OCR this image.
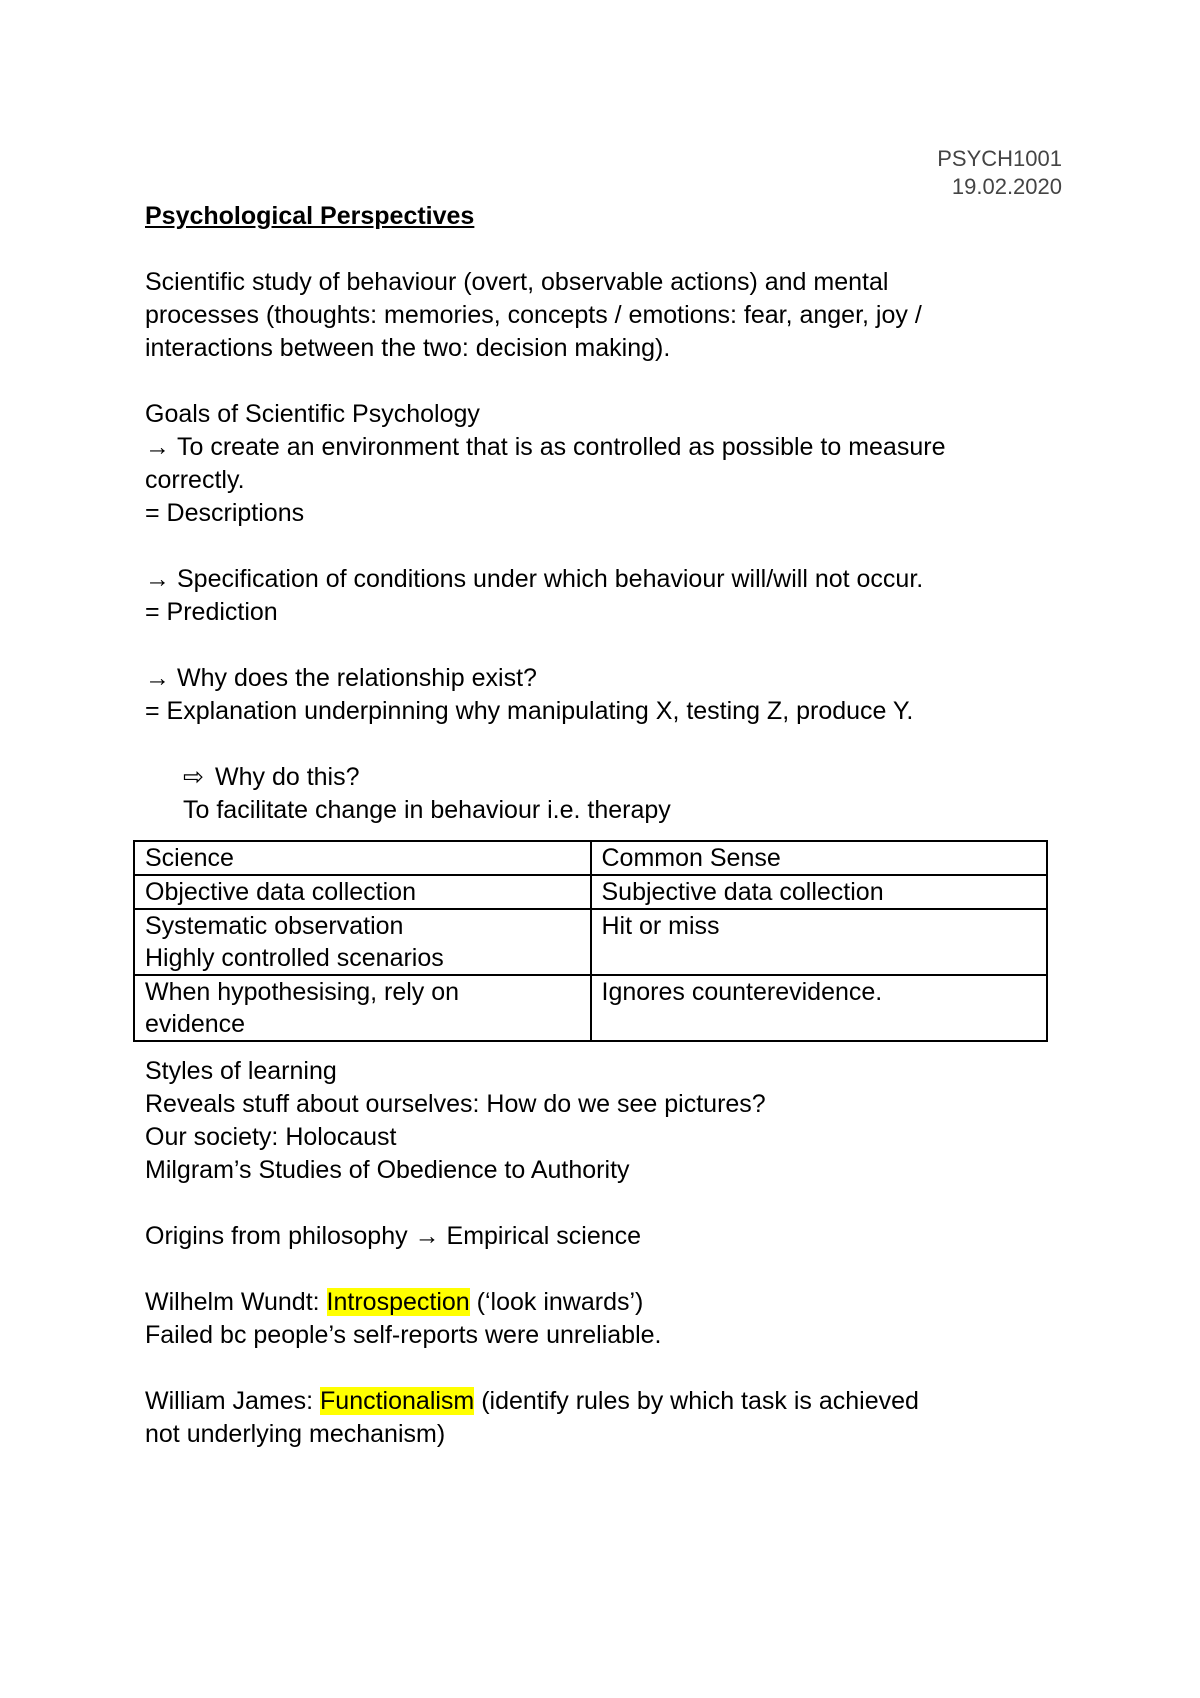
PSYCH1001
19.02.2020

Psychological Perspectives

Scientific study of behaviour (overt, observable actions) and mental

processes (thoughts: memories, concepts / emotions: fear, anger, joy /

interactions between the two: decision making).

Goals of Scientific Psychology

→ To create an environment that is as controlled as possible to measure

correctly.

= Descriptions

→ Specification of conditions under which behaviour will/will not occur.

= Prediction

→ Why does the relationship exist?

= Explanation underpinning why manipulating X, testing Z, produce Y.

⇨ Why do this?

To facilitate change in behaviour i.e. therapy

Science	Common Sense
Objective data collection	Subjective data collection

Systematic observation
Highly controlled scenarios	Hit or miss

When hypothesising, rely on
evidence	Ignores counterevidence.

Styles of learning

Reveals stuff about ourselves: How do we see pictures?

Our society: Holocaust

Milgram’s Studies of Obedience to Authority

Origins from philosophy → Empirical science

Wilhelm Wundt: Introspection (‘look inwards’)

Failed bc people’s self-reports were unreliable.

William James: Functionalism (identify rules by which task is achieved

not underlying mechanism)
